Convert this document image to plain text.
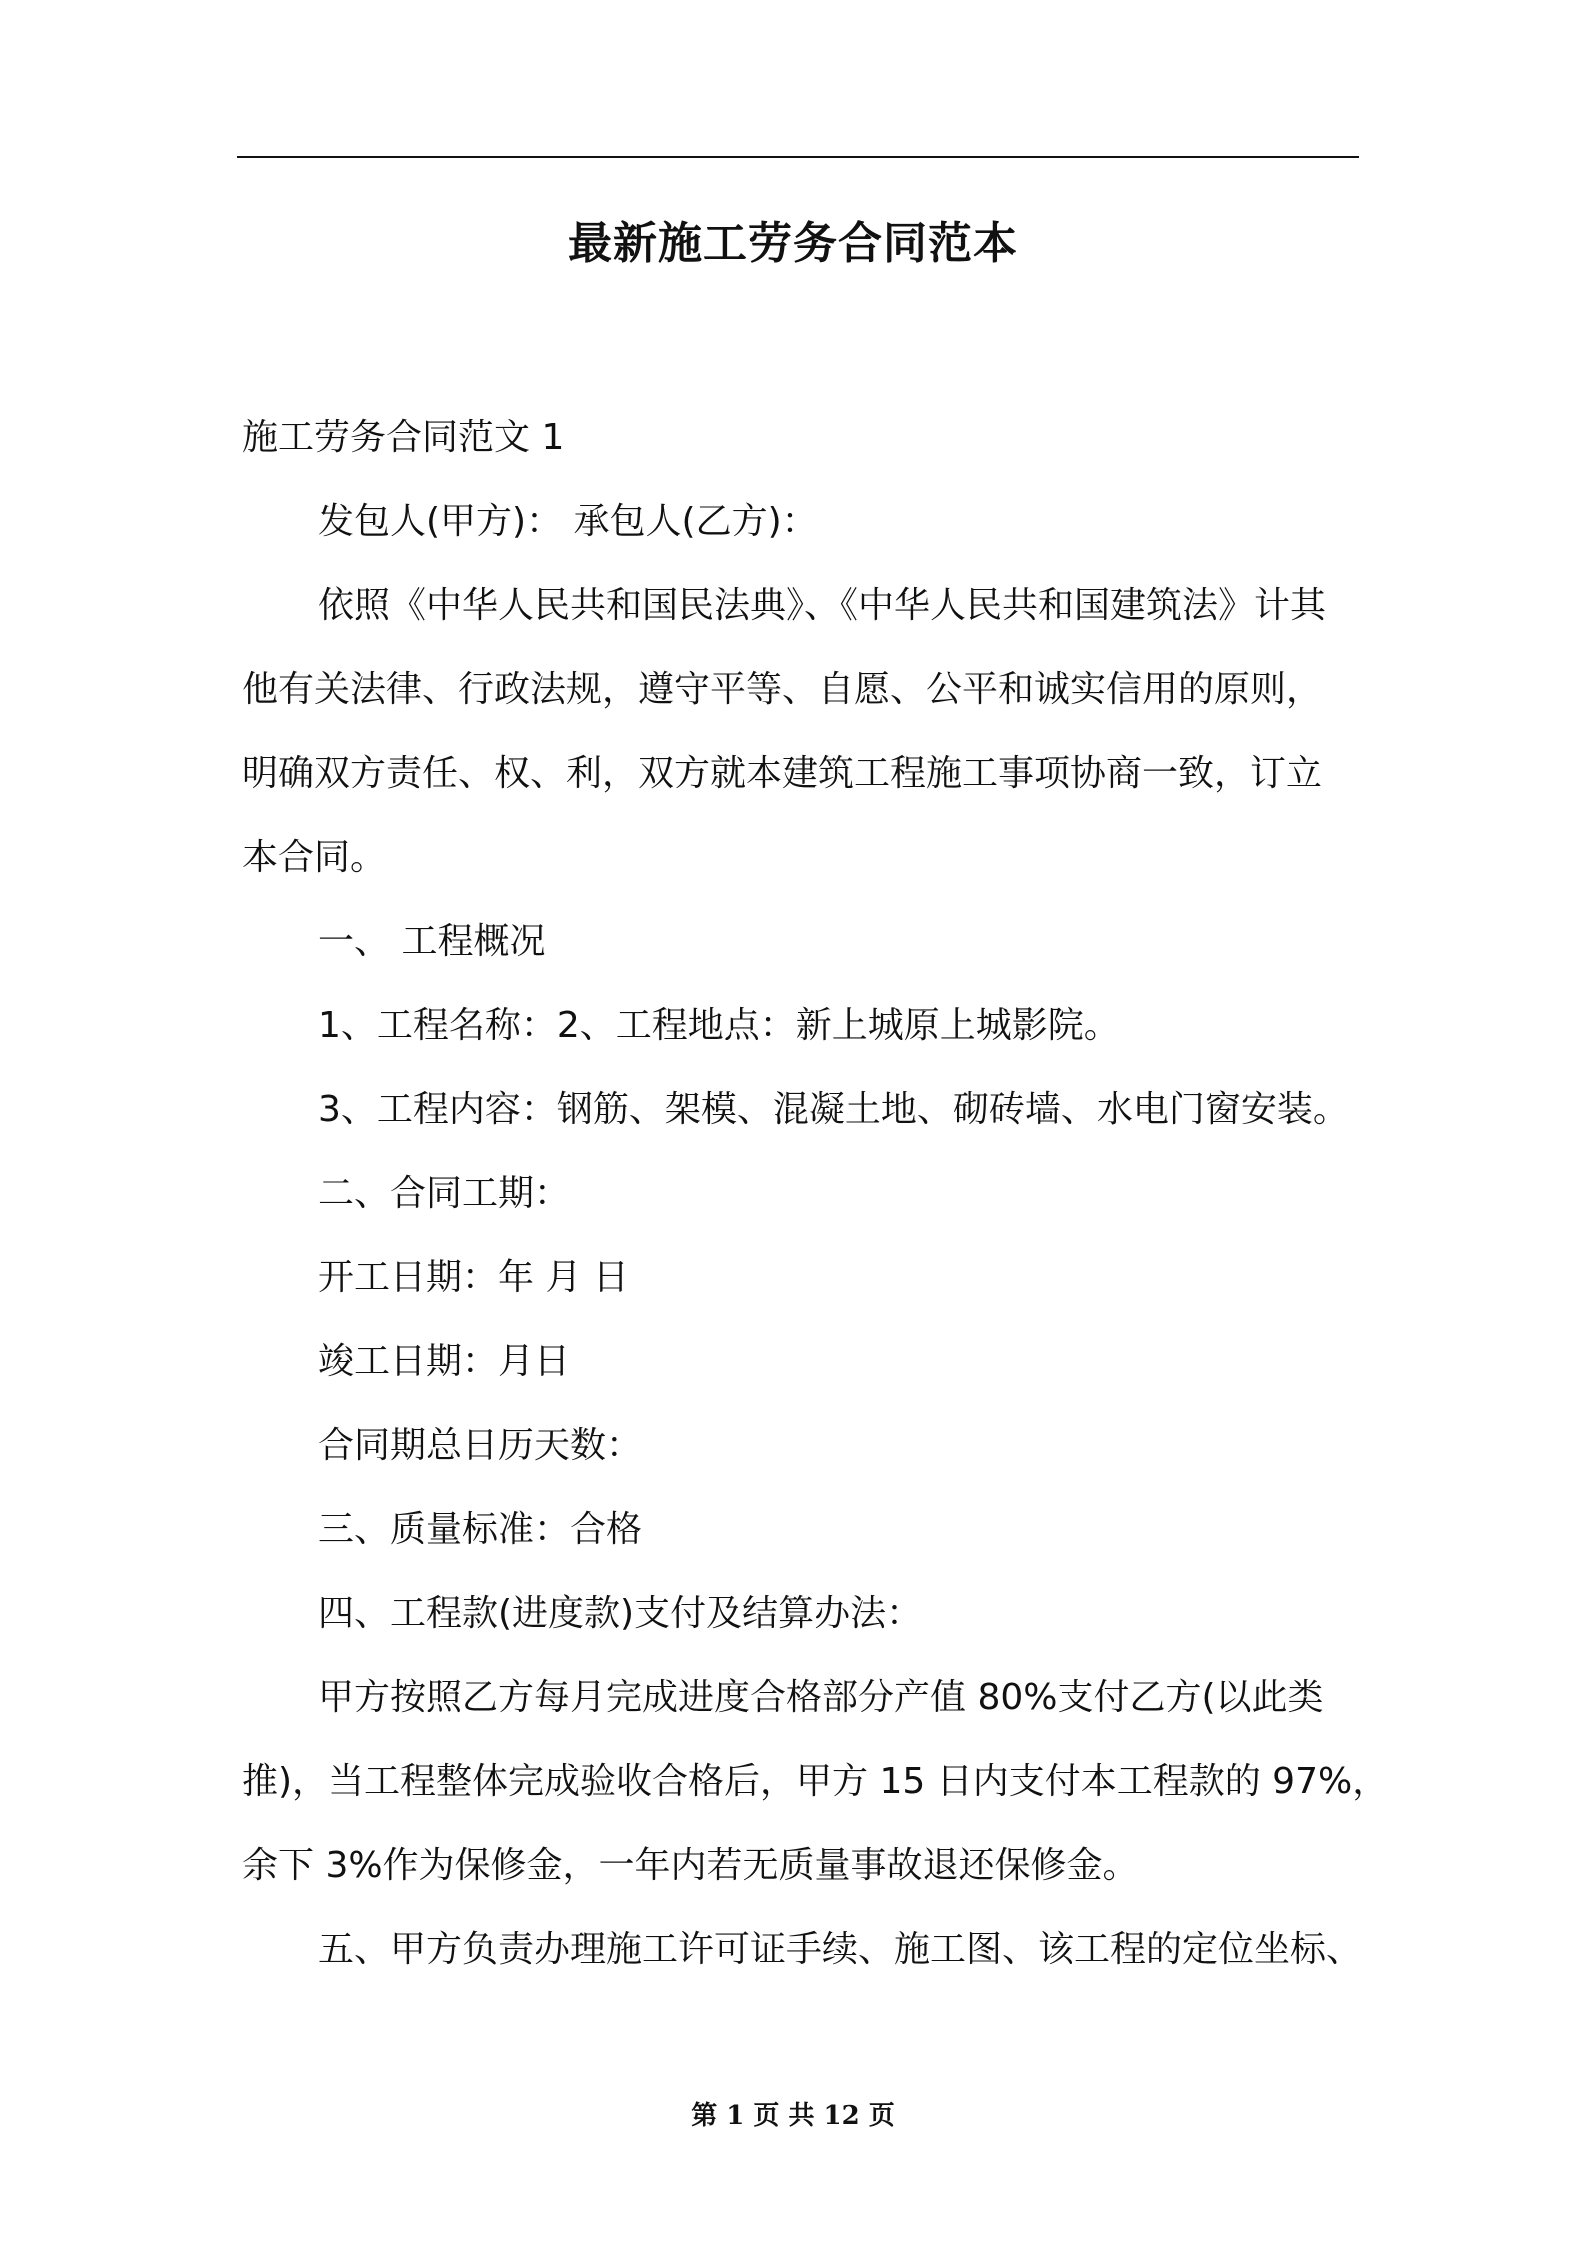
最新施工劳务合同范本
施工劳务合同范文 1
发包人(甲方)： 承包人(乙方)：
依照《中华人民共和国民法典》、《中华人民共和国建筑法》计其
他有关法律、行政法规，遵守平等、自愿、公平和诚实信用的原则，
明确双方责任、权、利，双方就本建筑工程施工事项协商一致，订立
本合同。
一、 工程概况
1、工程名称：2、工程地点：新上城原上城影院。
3、工程内容：钢筋、架模、混凝土地、砌砖墙、水电门窗安装。
二、合同工期：
开工日期：年 月 日
竣工日期：月日
合同期总日历天数：
三、质量标准：合格
四、工程款(进度款)支付及结算办法：
甲方按照乙方每月完成进度合格部分产值 80%支付乙方(以此类
推)，当工程整体完成验收合格后，甲方 15 日内支付本工程款的 97%，
余下 3%作为保修金，一年内若无质量事故退还保修金。
五、甲方负责办理施工许可证手续、施工图、该工程的定位坐标、
第 1 页 共 12 页
